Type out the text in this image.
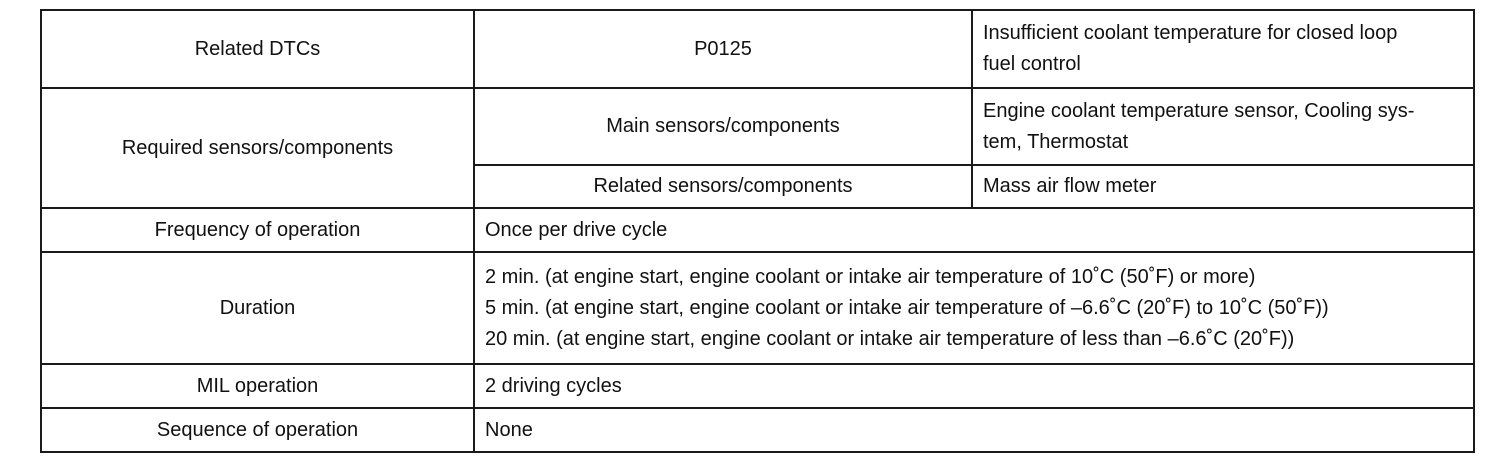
Related DTCs	P0125	Insufficient coolant temperature for closed loop
fuel control

Required sensors/components	Main sensors/components	Engine coolant temperature sensor, Cooling sys-
tem, Thermostat

	Related sensors/components	Mass air flow meter
Frequency of operation	Once per drive cycle	
Duration	2 min. (at engine start, engine coolant or intake air temperature of 10˚C (50˚F) or more)
5 min. (at engine start, engine coolant or intake air temperature of –6.6˚C (20˚F) to 10˚C (50˚F))
20 min. (at engine start, engine coolant or intake air temperature of less than –6.6˚C (20˚F))	

MIL operation	2 driving cycles	
Sequence of operation	None	
